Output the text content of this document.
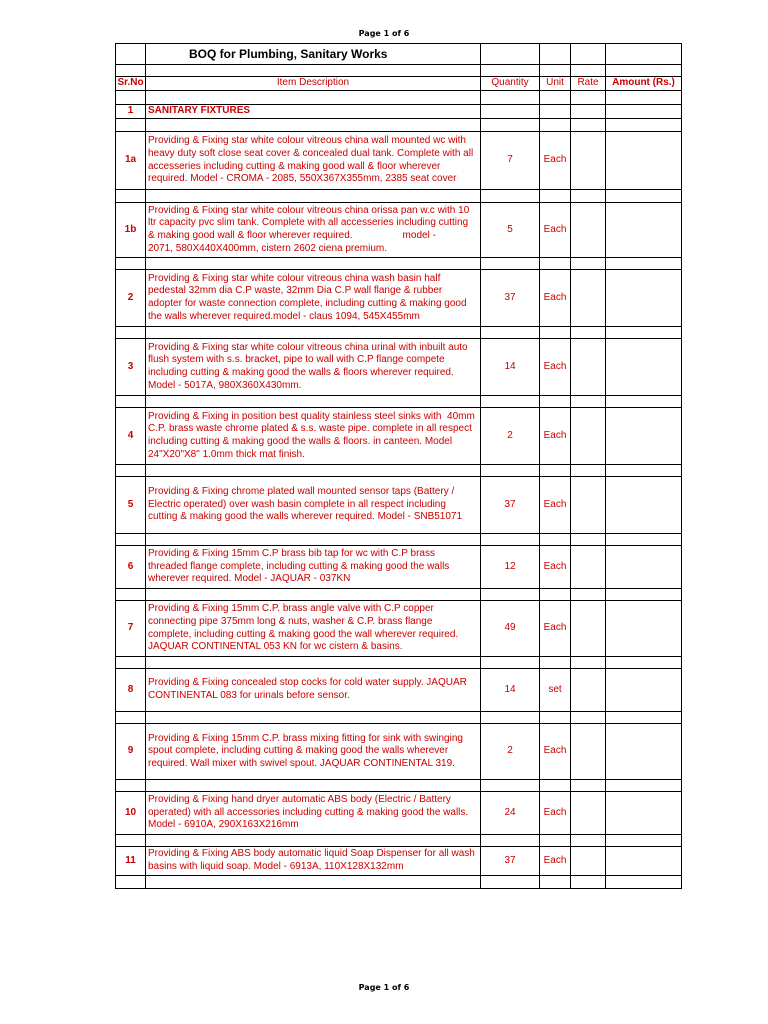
Page 1 of 6
	BOQ for Plumbing, Sanitary Works				

Sr.No	Item Description	Quantity	Unit	Rate	Amount (Rs.)

1	SANITARY FIXTURES				

1a	Providing & Fixing star white colour vitreous china wall mounted wc with
heavy duty soft close seat cover & concealed dual tank. Complete with all
accesseries including cutting & making good wall & floor wherever
required. Model - CROMA - 2085, 550X367X355mm, 2385 seat cover	7	Each		

1b	Providing & Fixing star white colour vitreous china orissa pan w.c with 10
ltr capacity pvc slim tank. Complete with all accesseries including cutting
& making good wall & floor wherever required.                  model -
2071, 580X440X400mm, cistern 2602 ciena premium.	5	Each		

2	Providing & Fixing star white colour vitreous china wash basin half
pedestal 32mm dia C.P waste, 32mm Dia C.P wall flange & rubber
adopter for waste connection complete, including cutting & making good
the walls wherever required.model - claus 1094, 545X455mm	37	Each		

3	Providing & Fixing star white colour vitreous china urinal with inbuilt auto
flush system with s.s. bracket, pipe to wall with C.P flange compete
including cutting & making good the walls & floors wherever required.
Model - 5017A, 980X360X430mm.	14	Each		

4	Providing & Fixing in position best quality stainless steel sinks with  40mm
C.P. brass waste chrome plated & s.s. waste pipe. complete in all respect
including cutting & making good the walls & floors. in canteen. Model
24"X20"X8" 1.0mm thick mat finish.	2	Each		

5	Providing & Fixing chrome plated wall mounted sensor taps (Battery /
Electric operated) over wash basin complete in all respect including
cutting & making good the walls wherever required. Model - SNB51071	37	Each		

6	Providing & Fixing 15mm C.P brass bib tap for wc with C.P brass
threaded flange complete, including cutting & making good the walls
wherever required. Model - JAQUAR - 037KN	12	Each		

7	Providing & Fixing 15mm C.P. brass angle valve with C.P copper
connecting pipe 375mm long & nuts, washer & C.P. brass flange
complete, including cutting & making good the wall wherever required.
JAQUAR CONTINENTAL 053 KN for wc cistern & basins.	49	Each		

8	Providing & Fixing concealed stop cocks for cold water supply. JAQUAR
CONTINENTAL 083 for urinals before sensor.	14	set		

9	Providing & Fixing 15mm C.P. brass mixing fitting for sink with swinging
spout complete, including cutting & making good the walls wherever
required. Wall mixer with swivel spout. JAQUAR CONTINENTAL 319.	2	Each		

10	Providing & Fixing hand dryer automatic ABS body (Electric / Battery
operated) with all accessories including cutting & making good the walls.
Model - 6910A, 290X163X216mm	24	Each		

11	Providing & Fixing ABS body automatic liquid Soap Dispenser for all wash
basins with liquid soap. Model - 6913A, 110X128X132mm	37	Each		

Page 1 of 6
